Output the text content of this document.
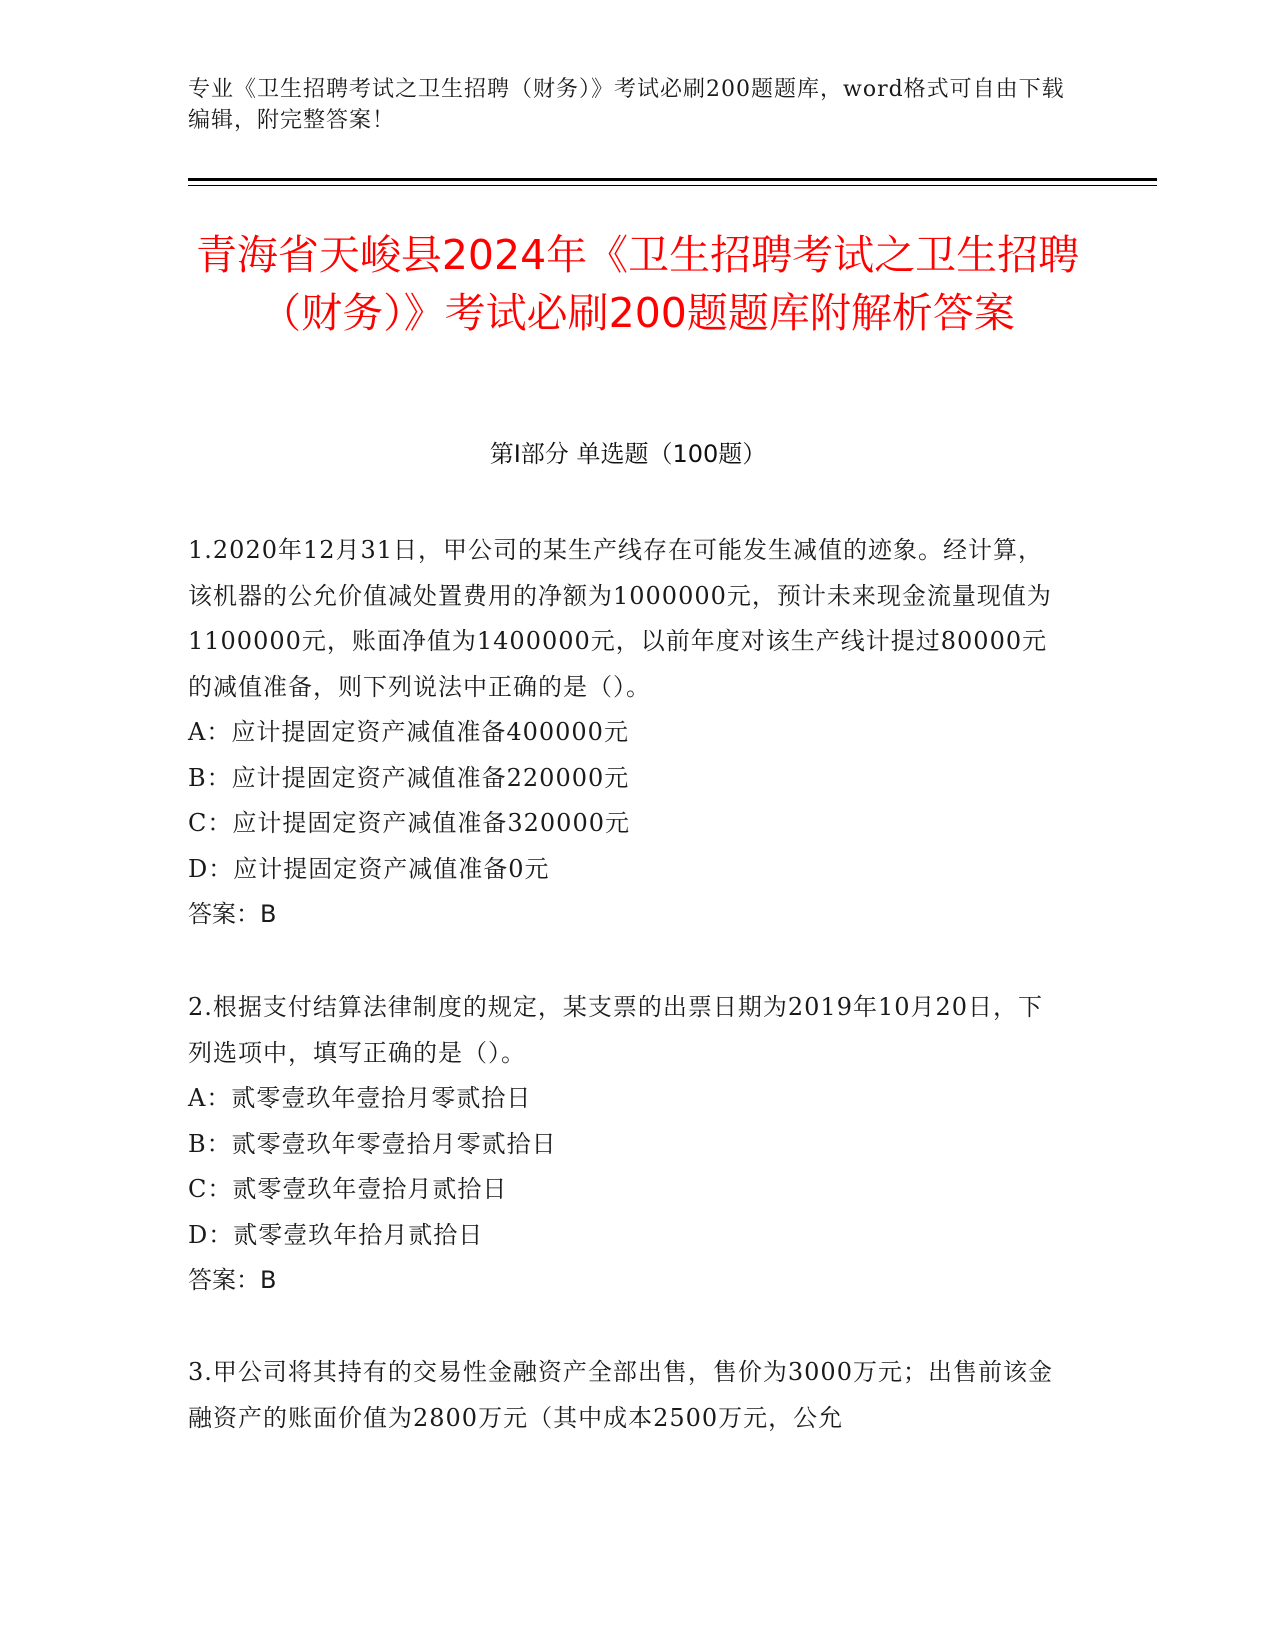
专业《卫生招聘考试之卫生招聘（财务）》考试必刷200题题库，word格式可自由下载编辑，附完整答案！
青海省天峻县2024年《卫生招聘考试之卫生招聘（财务）》考试必刷200题题库附解析答案
第Ⅰ部分 单选题（100题）
1.2020年12月31日，甲公司的某生产线存在可能发生减值的迹象。经计算，该机器的公允价值减处置费用的净额为1000000元，预计未来现金流量现值为1100000元，账面净值为1400000元，以前年度对该生产线计提过80000元的减值准备，则下列说法中正确的是（）。
A：应计提固定资产减值准备400000元
B：应计提固定资产减值准备220000元
C：应计提固定资产减值准备320000元
D：应计提固定资产减值准备0元
答案：B
2.根据支付结算法律制度的规定，某支票的出票日期为2019年10月20日，下列选项中，填写正确的是（）。
A：贰零壹玖年壹拾月零贰拾日
B：贰零壹玖年零壹拾月零贰拾日
C：贰零壹玖年壹拾月贰拾日
D：贰零壹玖年拾月贰拾日
答案：B
3.甲公司将其持有的交易性金融资产全部出售，售价为3000万元；出售前该金融资产的账面价值为2800万元（其中成本2500万元，公允
